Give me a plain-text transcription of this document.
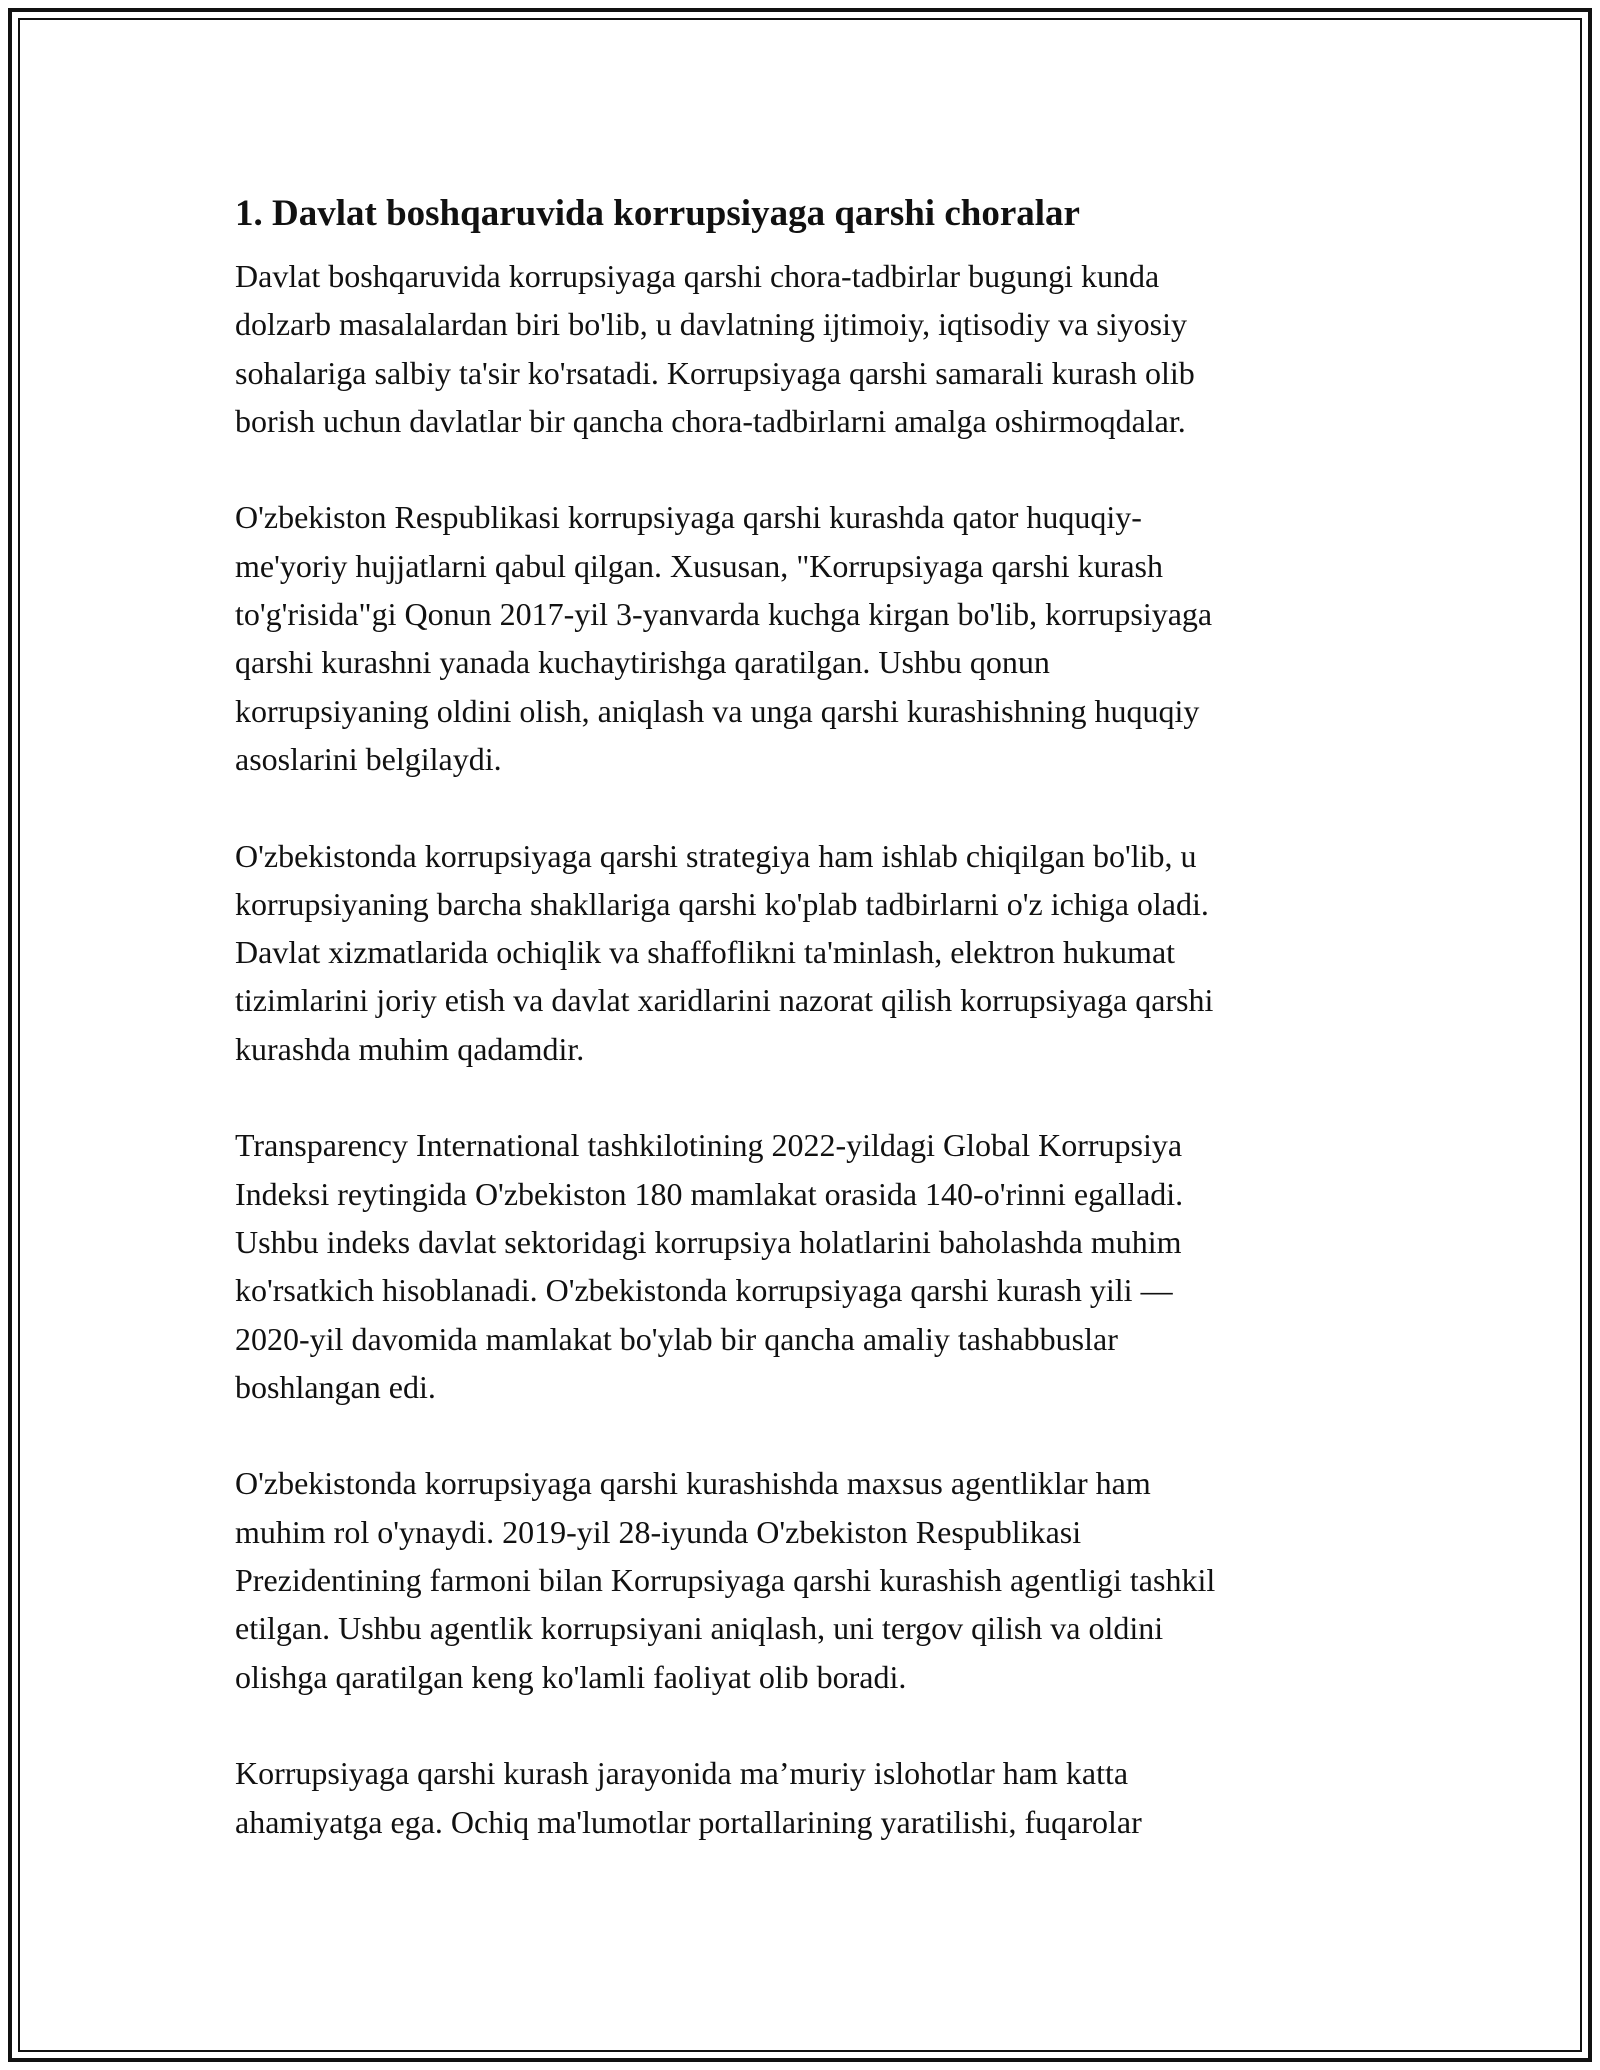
1. Davlat boshqaruvida korrupsiyaga qarshi choralar
Davlat boshqaruvida korrupsiyaga qarshi chora-tadbirlar bugungi kunda
dolzarb masalalardan biri bo'lib, u davlatning ijtimoiy, iqtisodiy va siyosiy
sohalariga salbiy ta'sir ko'rsatadi. Korrupsiyaga qarshi samarali kurash olib
borish uchun davlatlar bir qancha chora-tadbirlarni amalga oshirmoqdalar.
O'zbekiston Respublikasi korrupsiyaga qarshi kurashda qator huquqiy-
me'yoriy hujjatlarni qabul qilgan. Xususan, "Korrupsiyaga qarshi kurash
to'g'risida"gi Qonun 2017-yil 3-yanvarda kuchga kirgan bo'lib, korrupsiyaga
qarshi kurashni yanada kuchaytirishga qaratilgan. Ushbu qonun
korrupsiyaning oldini olish, aniqlash va unga qarshi kurashishning huquqiy
asoslarini belgilaydi.
O'zbekistonda korrupsiyaga qarshi strategiya ham ishlab chiqilgan bo'lib, u
korrupsiyaning barcha shakllariga qarshi ko'plab tadbirlarni o'z ichiga oladi.
Davlat xizmatlarida ochiqlik va shaffoflikni ta'minlash, elektron hukumat
tizimlarini joriy etish va davlat xaridlarini nazorat qilish korrupsiyaga qarshi
kurashda muhim qadamdir.
Transparency International tashkilotining 2022-yildagi Global Korrupsiya
Indeksi reytingida O'zbekiston 180 mamlakat orasida 140-o'rinni egalladi.
Ushbu indeks davlat sektoridagi korrupsiya holatlarini baholashda muhim
ko'rsatkich hisoblanadi. O'zbekistonda korrupsiyaga qarshi kurash yili —
2020-yil davomida mamlakat bo'ylab bir qancha amaliy tashabbuslar
boshlangan edi.
O'zbekistonda korrupsiyaga qarshi kurashishda maxsus agentliklar ham
muhim rol o'ynaydi. 2019-yil 28-iyunda O'zbekiston Respublikasi
Prezidentining farmoni bilan Korrupsiyaga qarshi kurashish agentligi tashkil
etilgan. Ushbu agentlik korrupsiyani aniqlash, uni tergov qilish va oldini
olishga qaratilgan keng ko'lamli faoliyat olib boradi.
Korrupsiyaga qarshi kurash jarayonida ma’muriy islohotlar ham katta
ahamiyatga ega. Ochiq ma'lumotlar portallarining yaratilishi, fuqarolar
